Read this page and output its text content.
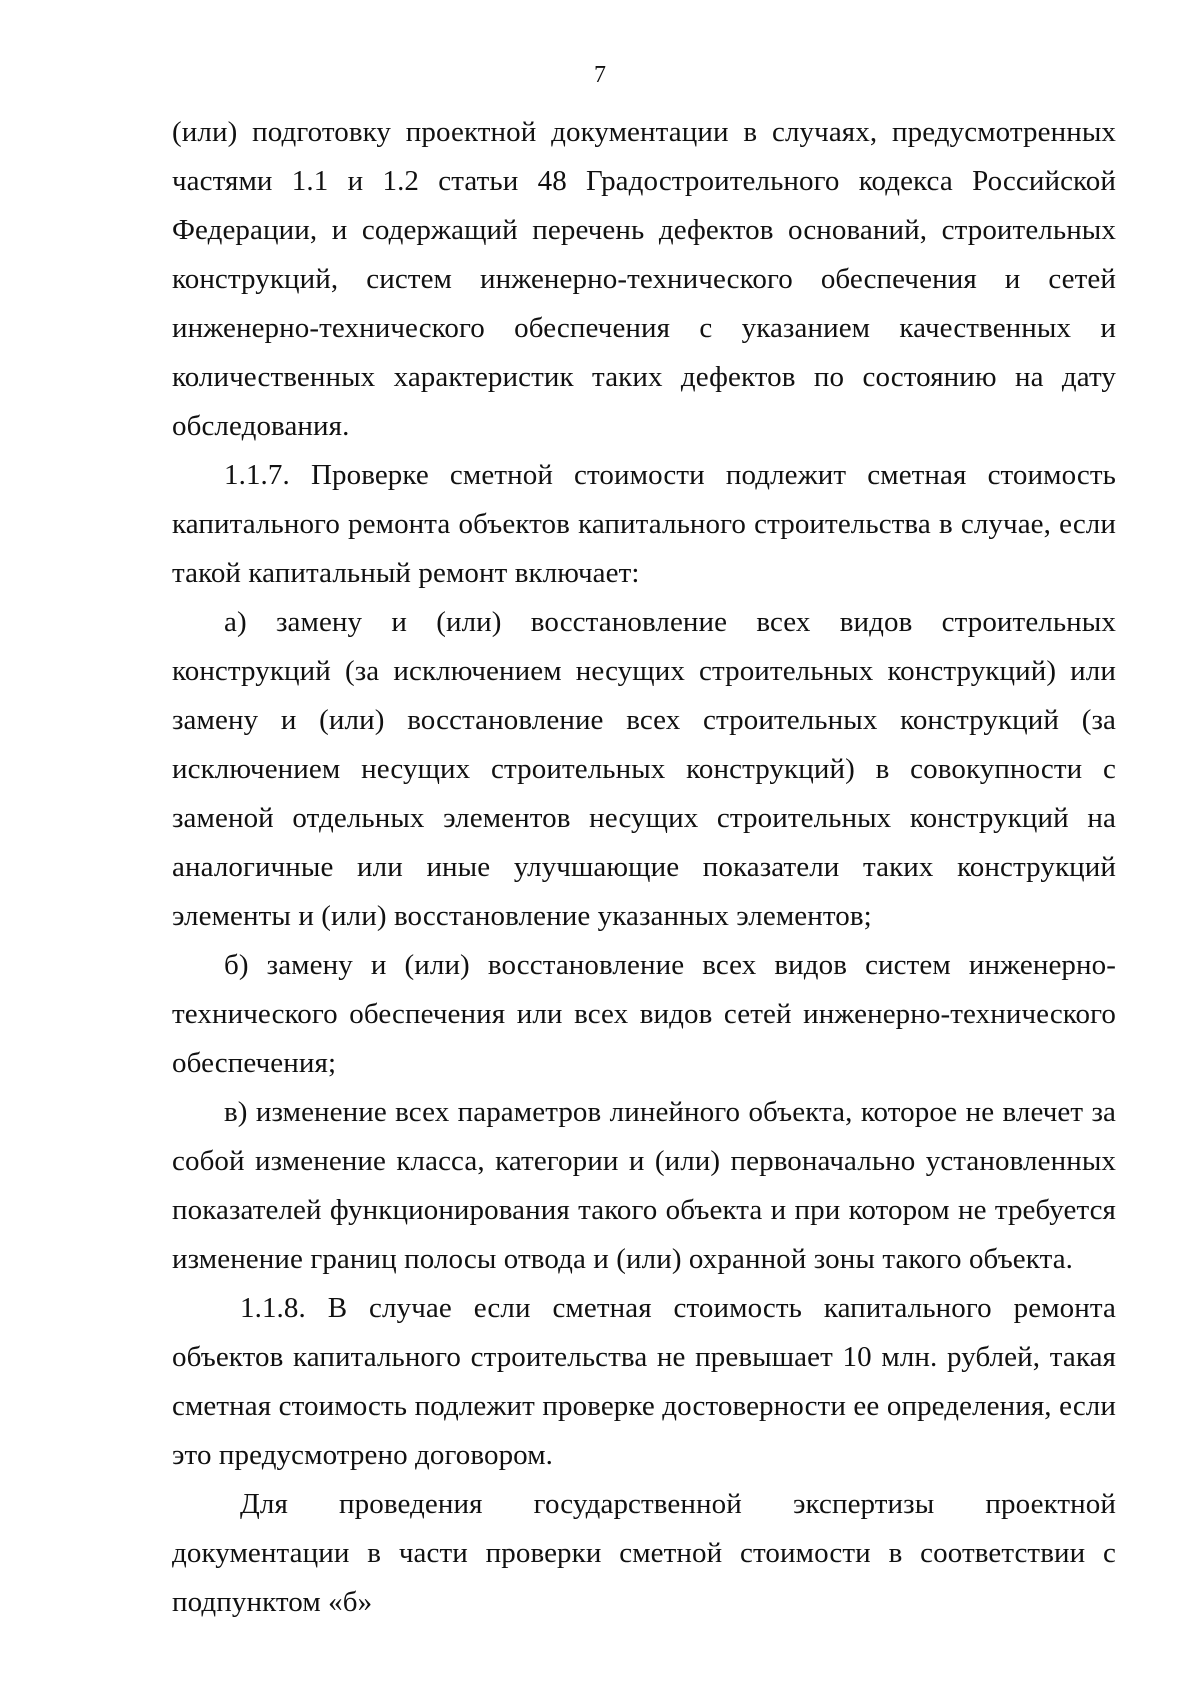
7

(или) подготовку проектной документации в случаях, предусмотренных частями 1.1 и 1.2 статьи 48 Градостроительного кодекса Российской Федерации, и содержащий перечень дефектов оснований, строительных конструкций, систем инженерно-технического обеспечения и сетей инженерно-технического обеспечения с указанием качественных и количественных характеристик таких дефектов по состоянию на дату обследования.

1.1.7. Проверке сметной стоимости подлежит сметная стоимость капитального ремонта объектов капитального строительства в случае, если такой капитальный ремонт включает:

а) замену и (или) восстановление всех видов строительных конструкций (за исключением несущих строительных конструкций) или замену и (или) восстановление всех строительных конструкций (за исключением несущих строительных конструкций) в совокупности с заменой отдельных элементов несущих строительных конструкций на аналогичные или иные улучшающие показатели таких конструкций элементы и (или) восстановление указанных элементов;

б) замену и (или) восстановление всех видов систем инженерно-технического обеспечения или всех видов сетей инженерно-технического обеспечения;

в) изменение всех параметров линейного объекта, которое не влечет за собой изменение класса, категории и (или) первоначально установленных показателей функционирования такого объекта и при котором не требуется изменение границ полосы отвода и (или) охранной зоны такого объекта.

1.1.8. В случае если сметная стоимость капитального ремонта объектов капитального строительства не превышает 10 млн. рублей, такая сметная стоимость подлежит проверке достоверности ее определения, если это предусмотрено договором.

Для проведения государственной экспертизы проектной документации в части проверки сметной стоимости в соответствии с подпунктом «б»
